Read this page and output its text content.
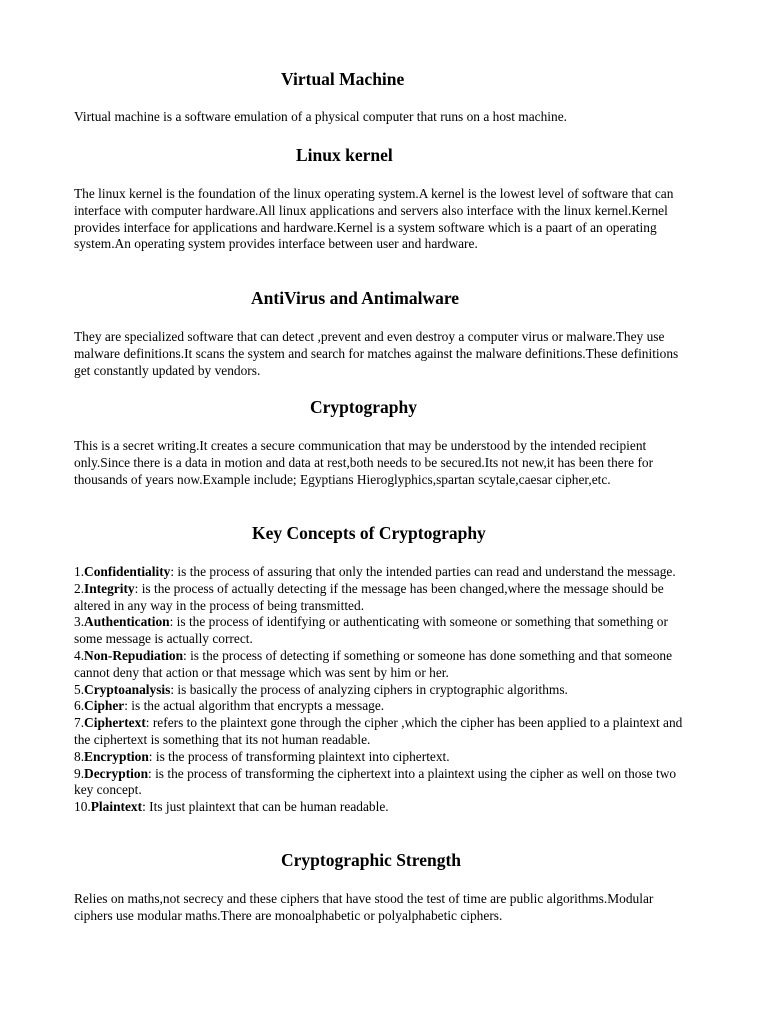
Virtual Machine

Virtual machine is a software emulation of a physical computer that runs on a host machine.

Linux kernel

The linux kernel is the foundation of the linux operating system.A kernel is the lowest level of software that can interface with computer hardware.All linux applications and servers also interface with the linux kernel.Kernel provides interface for applications and hardware.Kernel is a system software which is a paart of an operating system.An operating system provides interface between user and hardware.

AntiVirus and Antimalware

They are specialized software that can detect ,prevent and even destroy a computer virus or malware.They use malware definitions.It scans the system and search for matches against the malware definitions.These definitions get constantly updated by vendors.

Cryptography

This is a secret writing.It creates a secure communication that may be understood by the intended recipient only.Since there is a data in motion and data at rest,both needs to be secured.Its not new,it has been there for thousands of years now.Example include; Egyptians Hieroglyphics,spartan scytale,caesar cipher,etc.

Key Concepts of Cryptography
1.Confidentiality: is the process of assuring that only the intended parties can read and understand the message.
2.Integrity: is the process of actually detecting if the message has been changed,where the message should be altered in any way in the process of being transmitted.
3.Authentication: is the process of identifying or authenticating with someone or something that something or some message is actually correct.
4.Non-Repudiation: is the process of detecting if something or someone has done something and that someone cannot deny that action or that message which was sent by him or her.
5.Cryptoanalysis: is basically the process of analyzing ciphers in cryptographic algorithms.
6.Cipher: is the actual algorithm that encrypts a message.
7.Ciphertext: refers to the plaintext gone through the cipher ,which the cipher has been applied to a plaintext and the ciphertext is something that its not human readable.
8.Encryption: is the process of transforming plaintext into ciphertext.
9.Decryption: is the process of transforming the ciphertext into a plaintext using the cipher as well on those two key concept.
10.Plaintext: Its just plaintext that can be human readable.
Cryptographic Strength

Relies on maths,not secrecy and these ciphers that have stood the test of time are public algorithms.Modular ciphers use modular maths.There are monoalphabetic or polyalphabetic ciphers.
